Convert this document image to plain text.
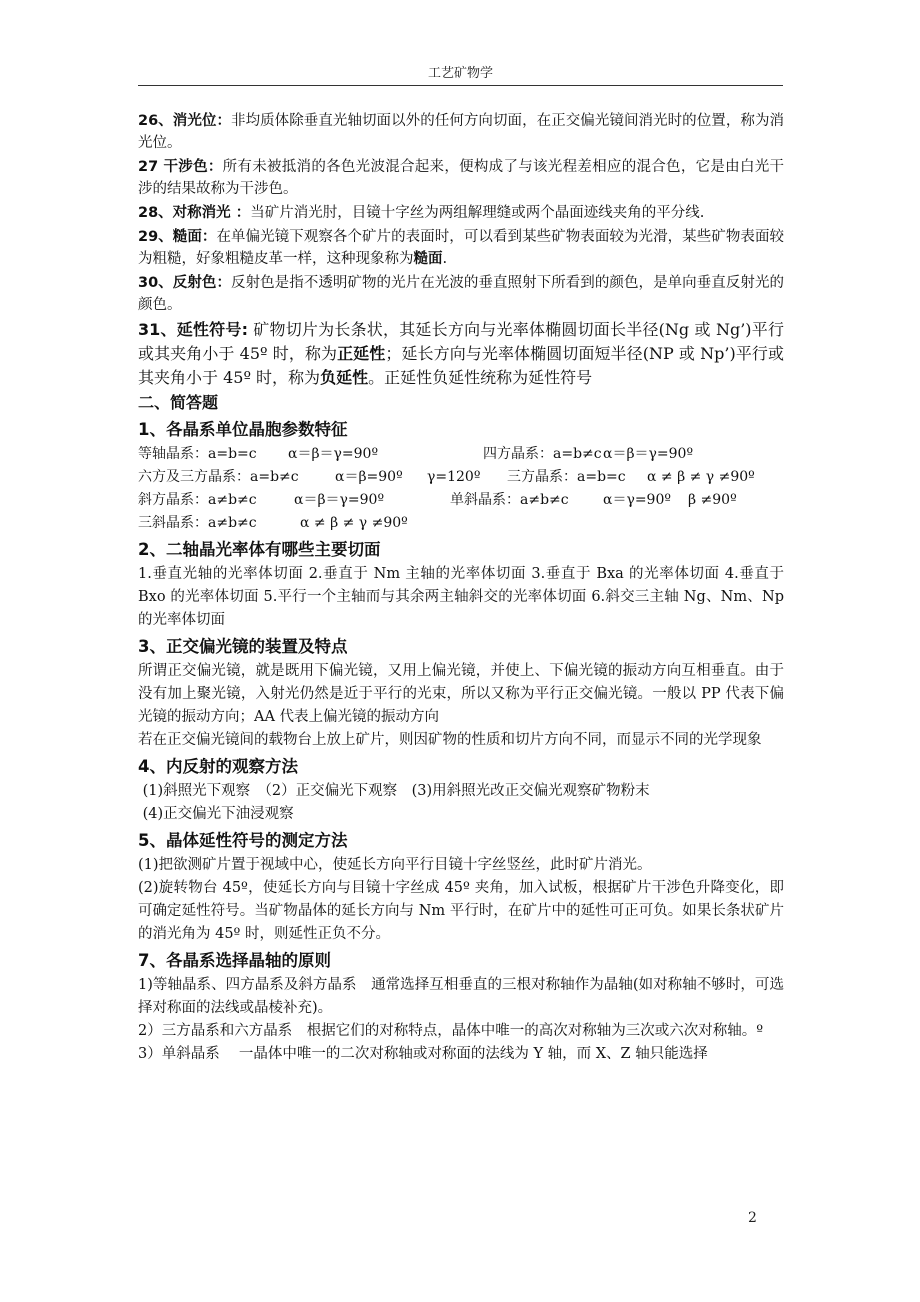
工艺矿物学

26、消光位：非均质体除垂直光轴切面以外的任何方向切面，在正交偏光镜间消光时的位置，称为消光位。

27 干涉色：所有未被抵消的各色光波混合起来，便构成了与该光程差相应的混合色，它是由白光干涉的结果故称为干涉色。

28、对称消光 ：当矿片消光肘，目镜十字丝为两组解理缝或两个晶面迹线夹角的平分线.

29、糙面：在单偏光镜下观察各个矿片的表面时，可以看到某些矿物表面较为光滑，某些矿物表面较为粗糙，好象粗糙皮革一样，这种现象称为糙面.

30、反射色：反射色是指不透明矿物的光片在光波的垂直照射下所看到的颜色，是单向垂直反射光的颜色。

31、延性符号: 矿物切片为长条状，其延长方向与光率体椭圆切面长半径(Ng 或 Ng’)平行或其夹角小于 45º 时，称为正延性；延长方向与光率体椭圆切面短半径(NP 或 Np’)平行或其夹角小于 45º 时，称为负延性。正延性负延性统称为延性符号

二、简答题

1、各晶系单位晶胞参数特征

等轴晶系：a=b=c	α＝β＝γ=90º	四方晶系：a=b≠c α＝β＝γ=90º
六方及三方晶系：a=b≠c	α＝β=90º	γ=120º	三方晶系：a=b=c	α ≠ β ≠ γ ≠90º
斜方晶系：a≠b≠c	α＝β＝γ=90º	单斜晶系：a≠b≠c	α＝γ=90º	β ≠90º
三斜晶系：a≠b≠c	α ≠ β ≠ γ ≠90º

2、二轴晶光率体有哪些主要切面

1.垂直光轴的光率体切面 2.垂直于 Nm 主轴的光率体切面 3.垂直于 Bxa 的光率体切面 4.垂直于 Bxo 的光率体切面 5.平行一个主轴而与其余两主轴斜交的光率体切面 6.斜交三主轴 Ng、Nm、Np 的光率体切面

3、正交偏光镜的装置及特点

所谓正交偏光镜，就是既用下偏光镜，又用上偏光镜，并使上、下偏光镜的振动方向互相垂直。由于没有加上聚光镜，入射光仍然是近于平行的光束，所以又称为平行正交偏光镜。一般以 PP 代表下偏光镜的振动方向；AA 代表上偏光镜的振动方向

若在正交偏光镜间的载物台上放上矿片，则因矿物的性质和切片方向不同，而显示不同的光学现象

4、内反射的观察方法

(1)斜照光下观察　（2）正交偏光下观察　(3)用斜照光改正交偏光观察矿物粉末

(4)正交偏光下油浸观察

5、晶体延性符号的测定方法

(1)把欲测矿片置于视域中心，使延长方向平行目镜十字丝竖丝，此时矿片消光。

(2)旋转物台 45º，使延长方向与目镜十字丝成 45º 夹角，加入试板，根据矿片干涉色升降变化，即可确定延性符号。当矿物晶体的延长方向与 Nm 平行时，在矿片中的延性可正可负。如果长条状矿片的消光角为 45º 时，则延性正负不分。

7、各晶系选择晶轴的原则

1)等轴晶系、四方晶系及斜方晶系　通常选择互相垂直的三根对称轴作为晶轴(如对称轴不够时，可选择对称面的法线或晶棱补充)。

2）三方晶系和六方晶系　根据它们的对称特点，晶体中唯一的高次对称轴为三次或六次对称轴。º

3）单斜晶系　 一晶体中唯一的二次对称轴或对称面的法线为 Y 轴，而 X、Z 轴只能选择

2
